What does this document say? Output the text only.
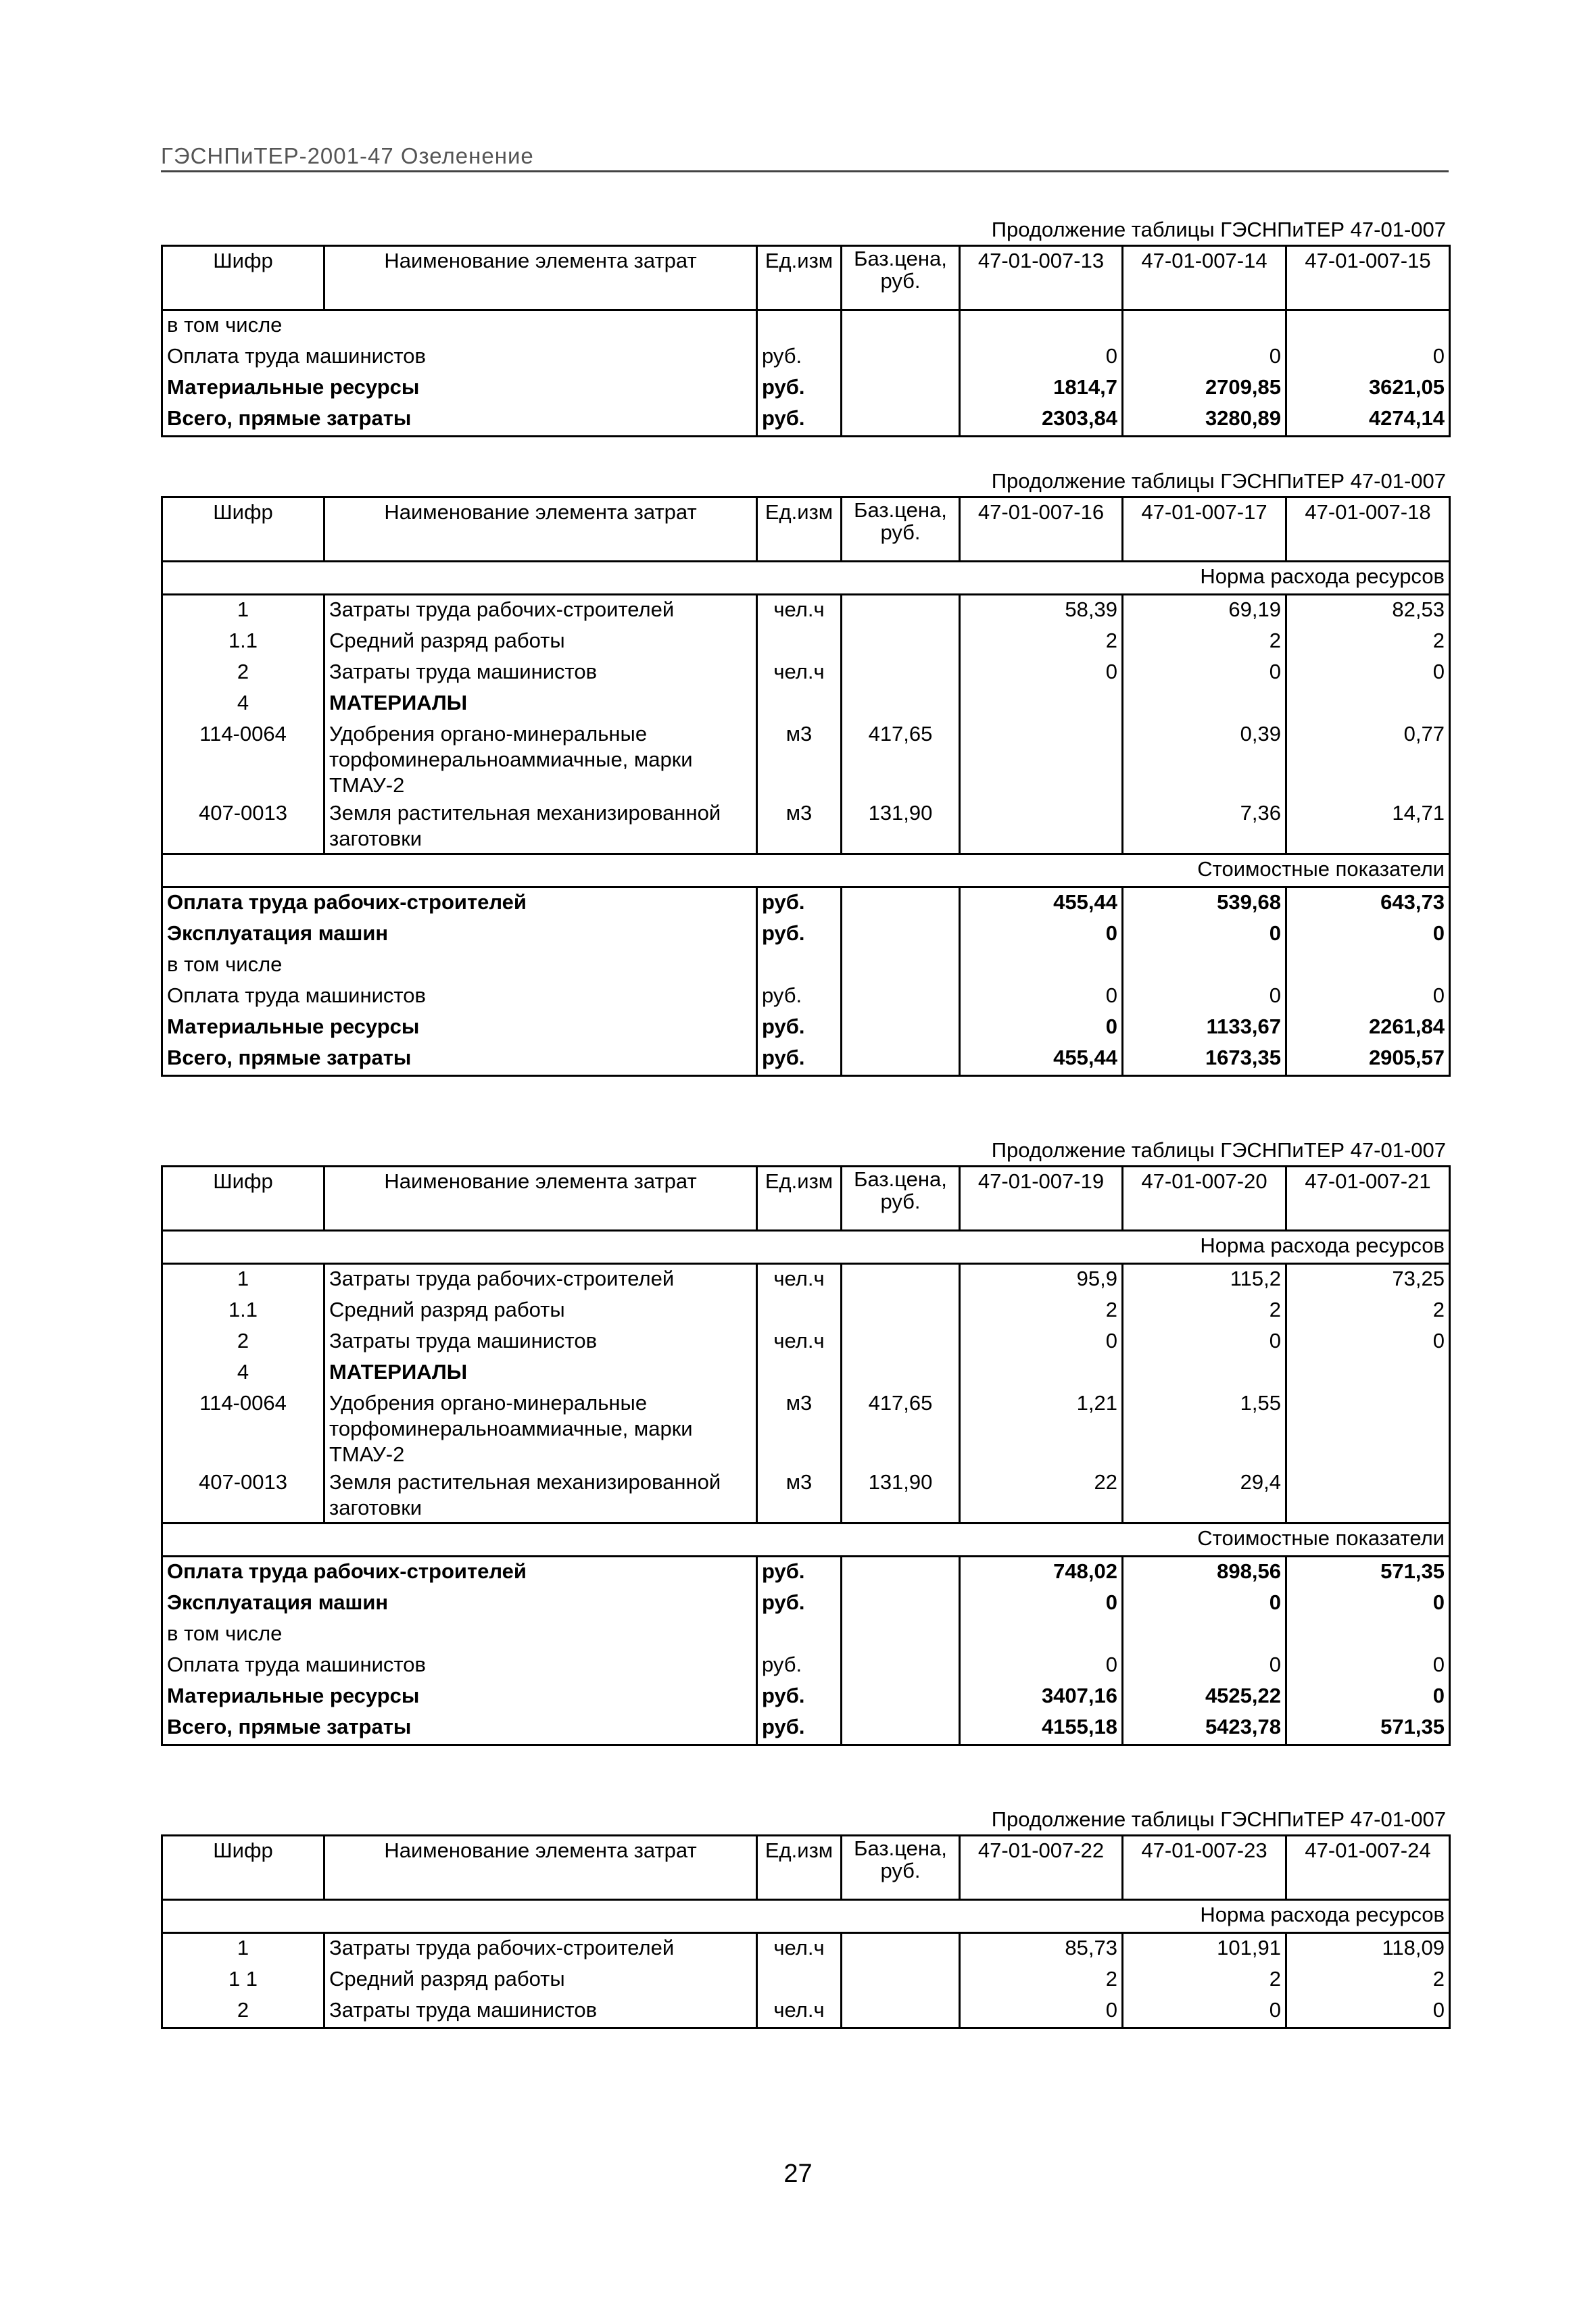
ГЭСНПиТЕР-2001-47 Озеленение
Продолжение таблицы ГЭСНПиТЕР 47-01-007
Шифр	Наименование элемента затрат	Ед.изм	Баз.цена, руб.	47-01-007-13	47-01-007-14	47-01-007-15
в том числе						
Оплата труда машинистов		руб.		0	0	0
Материальные ресурсы		руб.		1814,7	2709,85	3621,05
Всего, прямые затраты		руб.		2303,84	3280,89	4274,14
Продолжение таблицы ГЭСНПиТЕР 47-01-007
Шифр	Наименование элемента затрат	Ед.изм	Баз.цена, руб.	47-01-007-16	47-01-007-17	47-01-007-18
Норма расхода ресурсов						
1	Затраты труда рабочих-строителей	чел.ч		58,39	69,19	82,53
1.1	Средний разряд работы			2	2	2
2	Затраты труда машинистов	чел.ч		0	0	0
4	МАТЕРИАЛЫ					
114-0064	Удобрения органо-минеральные торфоминеральноаммиачные, марки ТМАУ-2	м3	417,65		0,39	0,77
407-0013	Земля растительная механизированной заготовки	м3	131,90		7,36	14,71
Стоимостные показатели						
Оплата труда рабочих-строителей		руб.		455,44	539,68	643,73
Эксплуатация машин		руб.		0	0	0
в том числе						
Оплата труда машинистов		руб.		0	0	0
Материальные ресурсы		руб.		0	1133,67	2261,84
Всего, прямые затраты		руб.		455,44	1673,35	2905,57
Продолжение таблицы ГЭСНПиТЕР 47-01-007
Шифр	Наименование элемента затрат	Ед.изм	Баз.цена, руб.	47-01-007-19	47-01-007-20	47-01-007-21
Норма расхода ресурсов						
1	Затраты труда рабочих-строителей	чел.ч		95,9	115,2	73,25
1.1	Средний разряд работы			2	2	2
2	Затраты труда машинистов	чел.ч		0	0	0
4	МАТЕРИАЛЫ					
114-0064	Удобрения органо-минеральные торфоминеральноаммиачные, марки ТМАУ-2	м3	417,65	1,21	1,55	
407-0013	Земля растительная механизированной заготовки	м3	131,90	22	29,4	
Стоимостные показатели						
Оплата труда рабочих-строителей		руб.		748,02	898,56	571,35
Эксплуатация машин		руб.		0	0	0
в том числе						
Оплата труда машинистов		руб.		0	0	0
Материальные ресурсы		руб.		3407,16	4525,22	0
Всего, прямые затраты		руб.		4155,18	5423,78	571,35
Продолжение таблицы ГЭСНПиТЕР 47-01-007
Шифр	Наименование элемента затрат	Ед.изм	Баз.цена, руб.	47-01-007-22	47-01-007-23	47-01-007-24
Норма расхода ресурсов						
1	Затраты труда рабочих-строителей	чел.ч		85,73	101,91	118,09
1 1	Средний разряд работы			2	2	2
2	Затраты труда машинистов	чел.ч		0	0	0
27
